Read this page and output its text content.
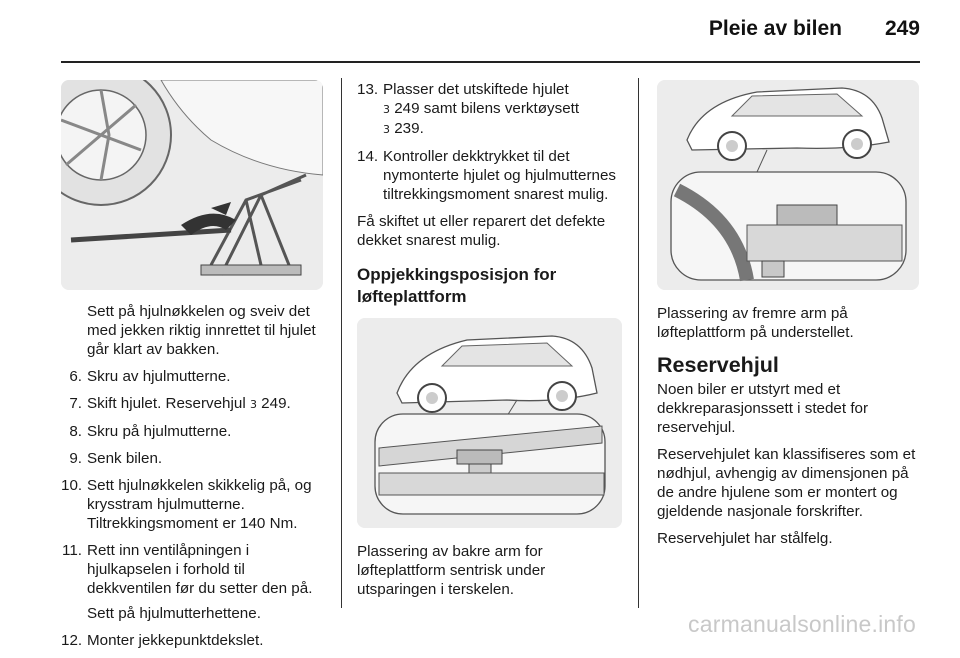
Pleie av bilen 249

Sett på hjulnøkkelen og sveiv det med jekken riktig innrettet til hjulet går klart av bakken.

6. Skru av hjulmutterne.
7. Skift hjulet. Reservehjul 3 249.
8. Skru på hjulmutterne.
9. Senk bilen.
10. Sett hjulnøkkelen skikkelig på, og krysstram hjulmutterne. Tiltrekkingsmoment er 140 Nm.
11. Rett inn ventilåpningen i hjulkapselen i forhold til dekkventilen før du setter den på.
Sett på hjulmutterhettene.
12. Monter jekkepunktdekslet.
13. Plasser det utskiftede hjulet
3 249 samt bilens verktøysett
3 239.
14. Kontroller dekktrykket til det nymonterte hjulet og hjulmutternes tiltrekkingsmoment snarest mulig.

Få skiftet ut eller reparert det defekte dekket snarest mulig.

Oppjekkingsposisjon for løfteplattform

Plassering av bakre arm for løfteplattform sentrisk under utsparingen i terskelen.

Plassering av fremre arm på løfteplattform på understellet.

Reservehjul

Noen biler er utstyrt med et dekkreparasjonssett i stedet for reservehjul.

Reservehjulet kan klassifiseres som et nødhjul, avhengig av dimensjonen på de andre hjulene som er montert og gjeldende nasjonale forskrifter.

Reservehjulet har stålfelg.

carmanualsonline.info
